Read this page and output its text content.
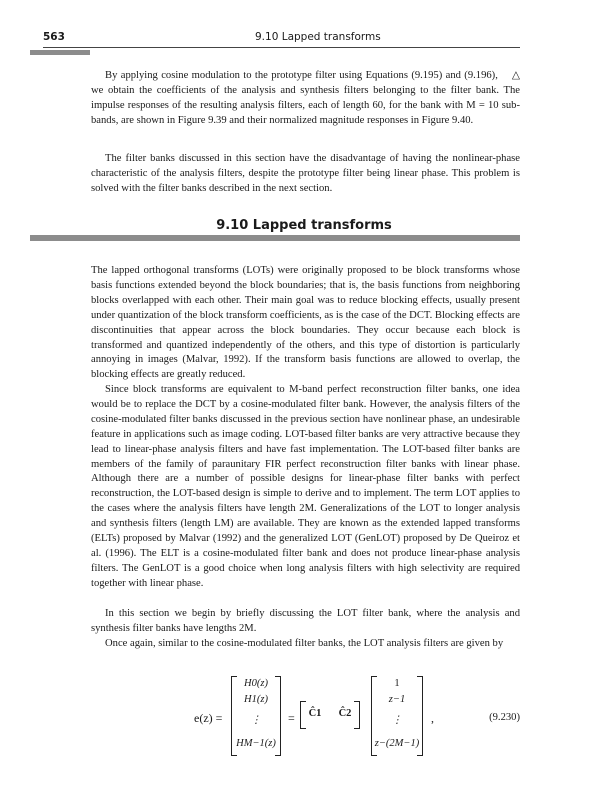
563	9.10 Lapped transforms

△
By applying cosine modulation to the prototype filter using Equations (9.195) and (9.196), we obtain the coefficients of the analysis and synthesis filters belonging to the filter bank. The impulse responses of the resulting analysis filters, each of length 60, for the bank with M = 10 sub-bands, are shown in Figure 9.39 and their normalized magnitude responses in Figure 9.40.

The filter banks discussed in this section have the disadvantage of having the nonlinear-phase characteristic of the analysis filters, despite the prototype filter being linear phase. This problem is solved with the filter banks described in the next section.

9.10 Lapped transforms

The lapped orthogonal transforms (LOTs) were originally proposed to be block transforms whose basis functions extended beyond the block boundaries; that is, the basis functions from neighboring blocks overlapped with each other. Their main goal was to reduce blocking effects, usually present under quantization of the block transform coefficients, as is the case of the DCT. Blocking effects are discontinuities that appear across the block boundaries. They occur because each block is transformed and quantized independently of the others, and this type of distortion is particularly annoying in images (Malvar, 1992). If the transform basis functions are allowed to overlap, the blocking effects are greatly reduced.

Since block transforms are equivalent to M-band perfect reconstruction filter banks, one idea would be to replace the DCT by a cosine-modulated filter bank. However, the analysis filters of the cosine-modulated filter banks discussed in the previous section have nonlinear phase, an undesirable feature in applications such as image coding. LOT-based filter banks are very attractive because they lead to linear-phase analysis filters and have fast implementation. The LOT-based filter banks are members of the family of paraunitary FIR perfect reconstruction filter banks with linear phase. Although there are a number of possible designs for linear-phase filter banks with perfect reconstruction, the LOT-based design is simple to derive and to implement. The term LOT applies to the cases where the analysis filters have length 2M. Generalizations of the LOT to longer analysis and synthesis filters (length LM) are available. They are known as the extended lapped transforms (ELTs) proposed by Malvar (1992) and the generalized LOT (GenLOT) proposed by De Queiroz et al. (1996). The ELT is a cosine-modulated filter bank and does not produce linear-phase analysis filters. The GenLOT is a good choice when long analysis filters with high selectivity are required together with linear phase.

In this section we begin by briefly discussing the LOT filter bank, where the analysis and synthesis filter banks have lengths 2M.

Once again, similar to the cosine-modulated filter banks, the LOT analysis filters are given by

e(z) =
H0(z)
H1(z)
⋮
HM−1(z)
=	Ĉ1	Ĉ2
1
z−1
⋮
z−(2M−1)
,	(9.230)
